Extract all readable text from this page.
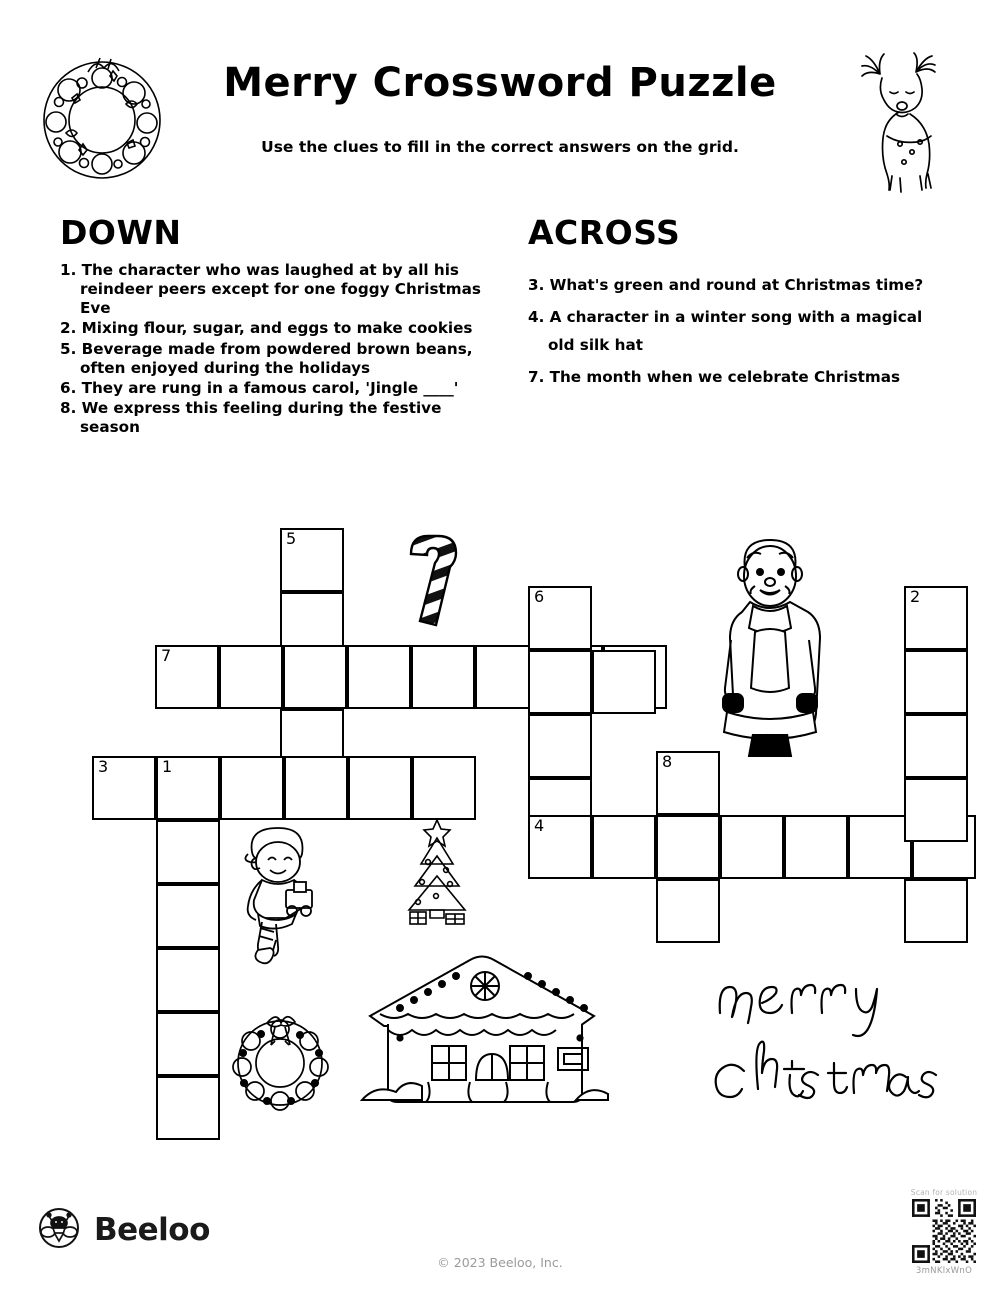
Merry Crossword Puzzle
Use the clues to fill in the correct answers on the grid.
DOWN
1. The character who was laughed at by all his reindeer peers except for one foggy Christmas Eve
2. Mixing flour, sugar, and eggs to make cookies
5. Beverage made from powdered brown beans, often enjoyed during the holidays
6. They are rung in a famous carol, 'Jingle ____'
8. We express this feeling during the festive season
ACROSS
3. What's green and round at Christmas time?
4. A character in a winter song with a magical old silk hat
7. The month when we celebrate Christmas
5
7
3	1
6
4
8
2
Beeloo
© 2023 Beeloo, Inc.
Scan for solution
3mNKlxWnO
